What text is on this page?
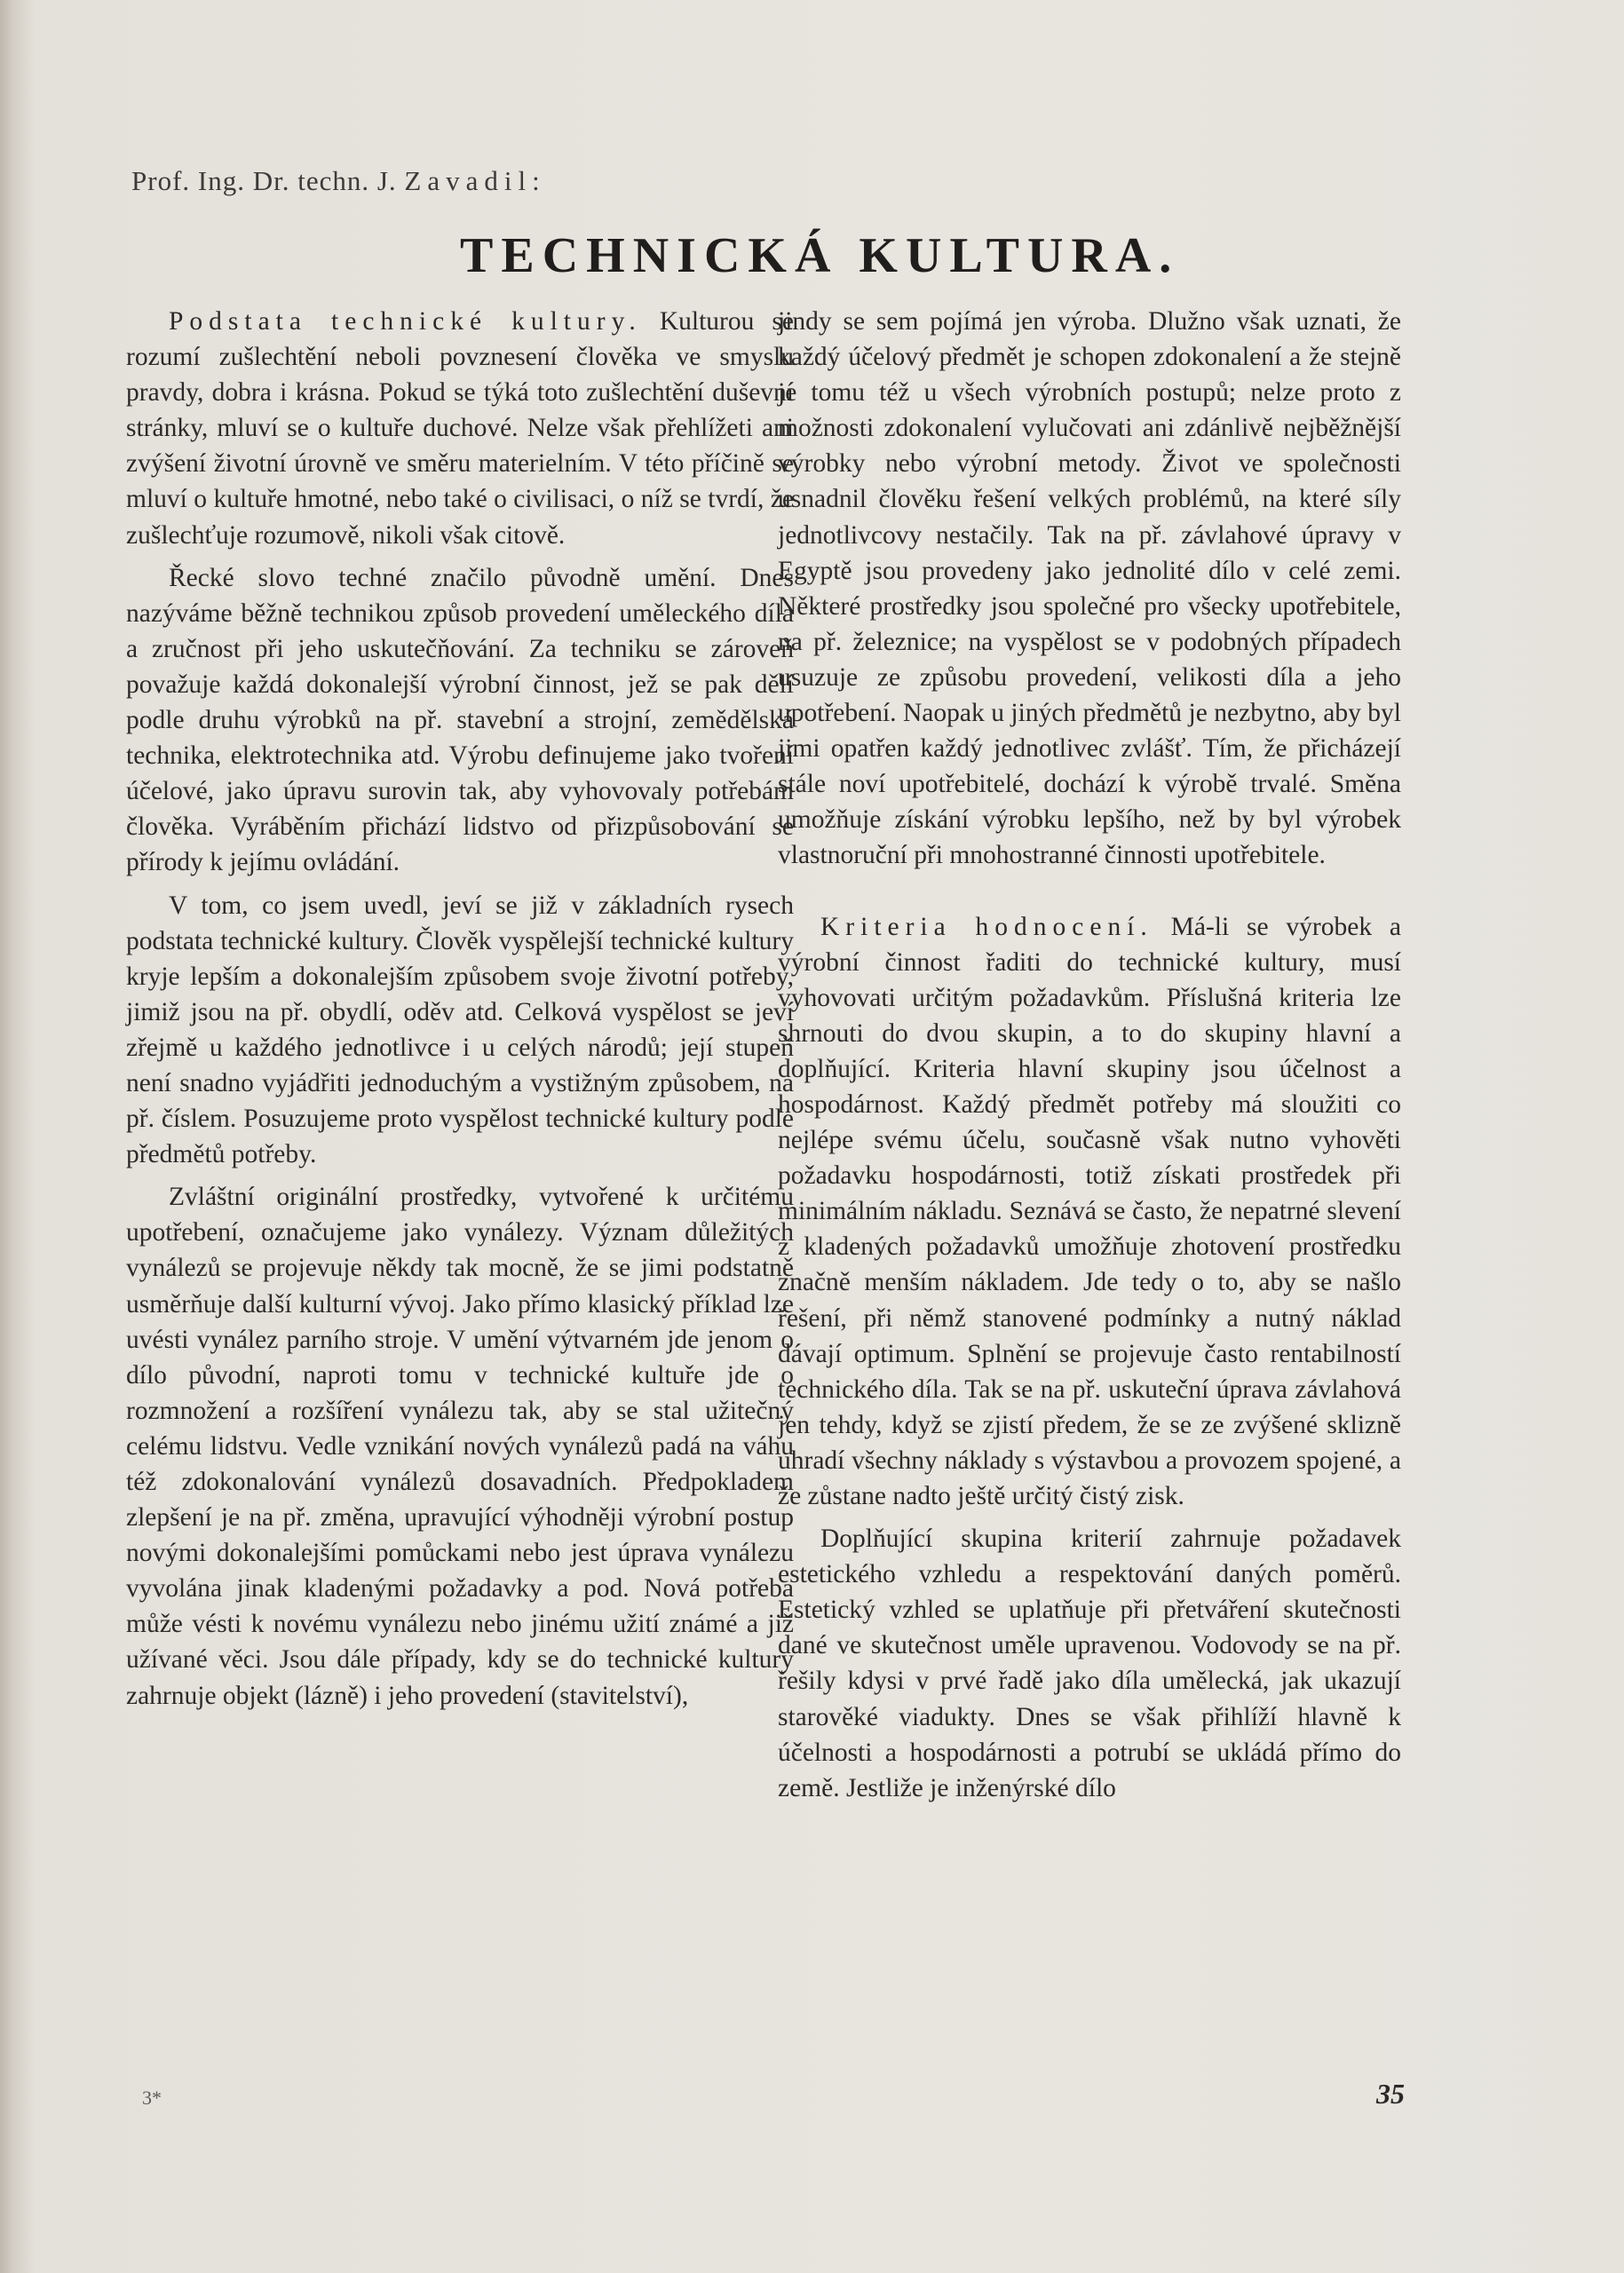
Prof. Ing. Dr. techn. J. Zavadil:
TECHNICKÁ KULTURA.

Podstata technické kultury. Kulturou se rozumí zušlechtění neboli povznesení člověka ve smyslu pravdy, dobra i krásna. Pokud se týká toto zušlechtění duševní stránky, mluví se o kultuře duchové. Nelze však přehlížeti ani zvýšení životní úrovně ve směru materielním. V této příčině se mluví o kultuře hmotné, nebo také o civilisaci, o níž se tvrdí, že zušlechťuje rozumově, nikoli však citově.

Řecké slovo techné značilo původně umění. Dnes nazýváme běžně technikou způsob provedení uměleckého díla a zručnost při jeho uskutečňování. Za techniku se zároveň považuje každá dokonalejší výrobní činnost, jež se pak dělí podle druhu výrobků na př. stavební a strojní, zemědělská technika, elektrotechnika atd. Výrobu definujeme jako tvoření účelové, jako úpravu surovin tak, aby vyhovovaly potřebám člověka. Vyráběním přichází lidstvo od přizpůsobování se přírody k jejímu ovládání.

V tom, co jsem uvedl, jeví se již v základních rysech podstata technické kultury. Člověk vyspělejší technické kultury kryje lepším a dokonalejším způsobem svoje životní potřeby, jimiž jsou na př. obydlí, oděv atd. Celková vyspělost se jeví zřejmě u každého jednotlivce i u celých národů; její stupeň není snadno vyjádřiti jednoduchým a vystižným způsobem, na př. číslem. Posuzujeme proto vyspělost technické kultury podle předmětů potřeby.

Zvláštní originální prostředky, vytvořené k určitému upotřebení, označujeme jako vynálezy. Význam důležitých vynálezů se projevuje někdy tak mocně, že se jimi podstatně usměrňuje další kulturní vývoj. Jako přímo klasický příklad lze uvésti vynález parního stroje. V umění výtvarném jde jenom o dílo původní, naproti tomu v technické kultuře jde o rozmnožení a rozšíření vynálezu tak, aby se stal užitečný celému lidstvu. Vedle vznikání nových vynálezů padá na váhu též zdokonalování vynálezů dosavadních. Předpokladem zlepšení je na př. změna, upravující výhodněji výrobní postup novými dokonalejšími pomůckami nebo jest úprava vynálezu vyvolána jinak kladenými požadavky a pod. Nová potřeba může vésti k novému vynálezu nebo jinému užití známé a již užívané věci. Jsou dále případy, kdy se do technické kultury zahrnuje objekt (lázně) i jeho provedení (stavitelství),

jindy se sem pojímá jen výroba. Dlužno však uznati, že každý účelový předmět je schopen zdokonalení a že stejně je tomu též u všech výrobních postupů; nelze proto z možnosti zdokonalení vylučovati ani zdánlivě nejběžnější výrobky nebo výrobní metody. Život ve společnosti usnadnil člověku řešení velkých problémů, na které síly jednotlivcovy nestačily. Tak na př. závlahové úpravy v Egyptě jsou provedeny jako jednolité dílo v celé zemi. Některé prostředky jsou společné pro všecky upotřebitele, na př. železnice; na vyspělost se v podobných případech usuzuje ze způsobu provedení, velikosti díla a jeho upotřebení. Naopak u jiných předmětů je nezbytno, aby byl jimi opatřen každý jednotlivec zvlášť. Tím, že přicházejí stále noví upotřebitelé, dochází k výrobě trvalé. Směna umožňuje získání výrobku lepšího, než by byl výrobek vlastnoruční při mnohostranné činnosti upotřebitele.

Kriteria hodnocení. Má-li se výrobek a výrobní činnost řaditi do technické kultury, musí vyhovovati určitým požadavkům. Příslušná kriteria lze shrnouti do dvou skupin, a to do skupiny hlavní a doplňující. Kriteria hlavní skupiny jsou účelnost a hospodárnost. Každý předmět potřeby má sloužiti co nejlépe svému účelu, současně však nutno vyhověti požadavku hospodárnosti, totiž získati prostředek při minimálním nákladu. Seznává se často, že nepatrné slevení z kladených požadavků umožňuje zhotovení prostředku značně menším nákladem. Jde tedy o to, aby se našlo řešení, při němž stanovené podmínky a nutný náklad dávají optimum. Splnění se projevuje často rentabilností technického díla. Tak se na př. uskuteční úprava závlahová jen tehdy, když se zjistí předem, že se ze zvýšené sklizně uhradí všechny náklady s výstavbou a provozem spojené, a že zůstane nadto ještě určitý čistý zisk.

Doplňující skupina kriterií zahrnuje požadavek estetického vzhledu a respektování daných poměrů. Estetický vzhled se uplatňuje při přetváření skutečnosti dané ve skutečnost uměle upravenou. Vodovody se na př. řešily kdysi v prvé řadě jako díla umělecká, jak ukazují starověké viadukty. Dnes se však přihlíží hlavně k účelnosti a hospodárnosti a potrubí se ukládá přímo do země. Jestliže je inženýrské dílo

3*	35
